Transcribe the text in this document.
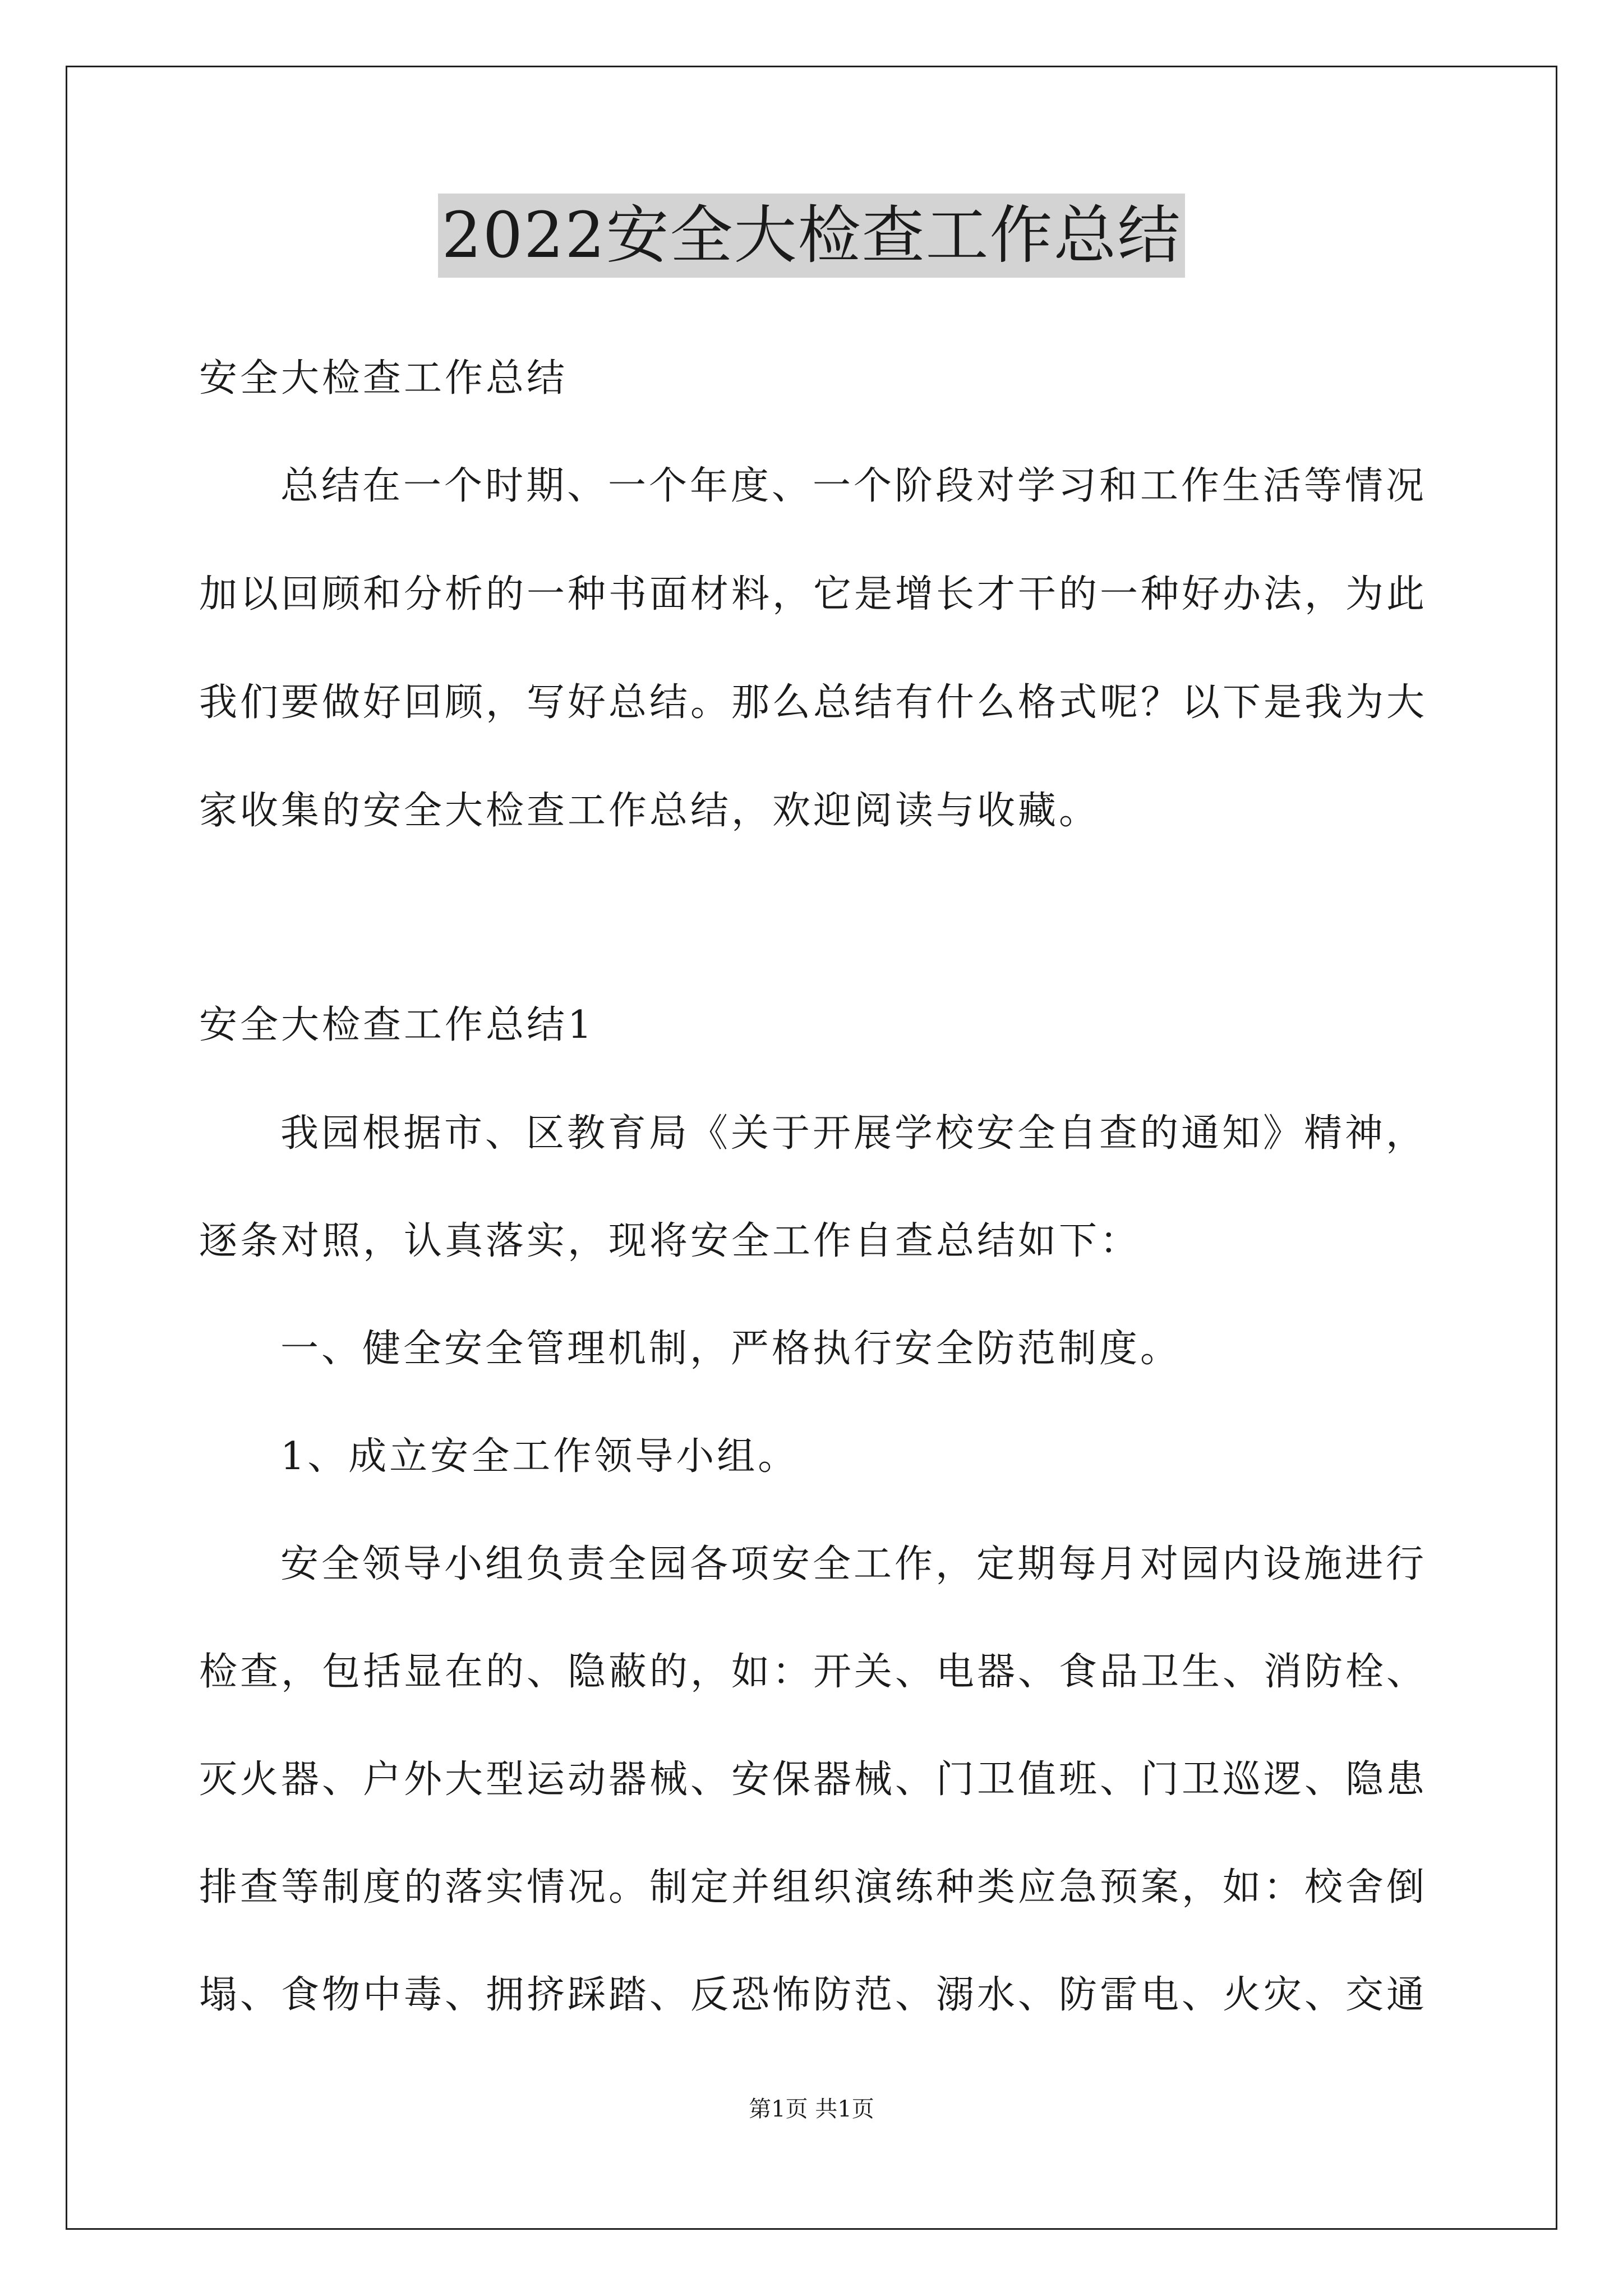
2022安全大检查工作总结
安全大检查工作总结
总结在一个时期、一个年度、一个阶段对学习和工作生活等情况
加以回顾和分析的一种书面材料，它是增长才干的一种好办法，为此
我们要做好回顾，写好总结。那么总结有什么格式呢？以下是我为大
家收集的安全大检查工作总结，欢迎阅读与收藏。
安全大检查工作总结1
我园根据市、区教育局《关于开展学校安全自查的通知》精神，
逐条对照，认真落实，现将安全工作自查总结如下：
一、健全安全管理机制，严格执行安全防范制度。
1、成立安全工作领导小组。
安全领导小组负责全园各项安全工作，定期每月对园内设施进行
检查，包括显在的、隐蔽的，如：开关、电器、食品卫生、消防栓、
灭火器、户外大型运动器械、安保器械、门卫值班、门卫巡逻、隐患
排查等制度的落实情况。制定并组织演练种类应急预案，如：校舍倒
塌、食物中毒、拥挤踩踏、反恐怖防范、溺水、防雷电、火灾、交通
第1页 共1页
